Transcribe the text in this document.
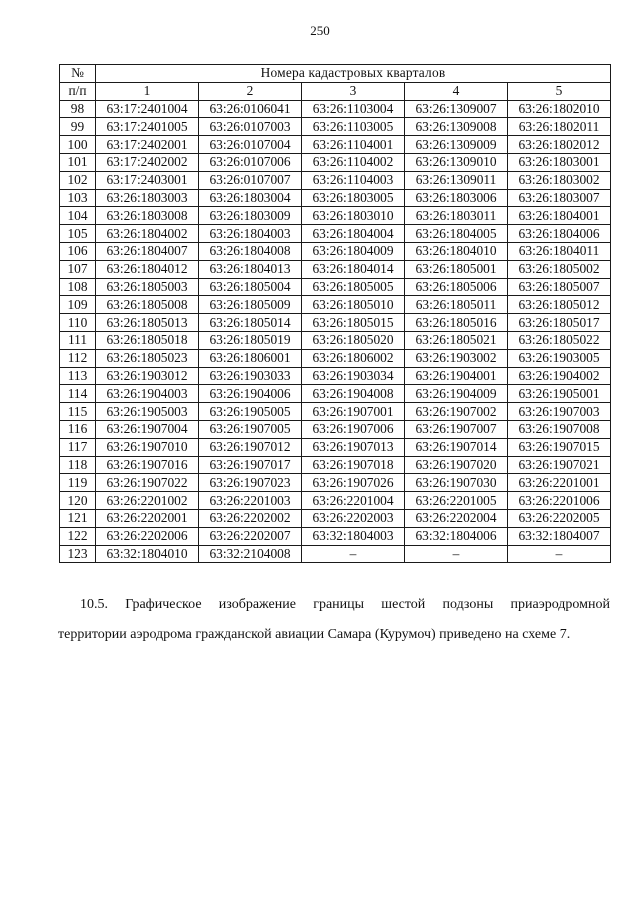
250
№	Номера кадастровых кварталов				
п/п	1	2	3	4	5
98	63:17:2401004	63:26:0106041	63:26:1103004	63:26:1309007	63:26:1802010
99	63:17:2401005	63:26:0107003	63:26:1103005	63:26:1309008	63:26:1802011
100	63:17:2402001	63:26:0107004	63:26:1104001	63:26:1309009	63:26:1802012
101	63:17:2402002	63:26:0107006	63:26:1104002	63:26:1309010	63:26:1803001
102	63:17:2403001	63:26:0107007	63:26:1104003	63:26:1309011	63:26:1803002
103	63:26:1803003	63:26:1803004	63:26:1803005	63:26:1803006	63:26:1803007
104	63:26:1803008	63:26:1803009	63:26:1803010	63:26:1803011	63:26:1804001
105	63:26:1804002	63:26:1804003	63:26:1804004	63:26:1804005	63:26:1804006
106	63:26:1804007	63:26:1804008	63:26:1804009	63:26:1804010	63:26:1804011
107	63:26:1804012	63:26:1804013	63:26:1804014	63:26:1805001	63:26:1805002
108	63:26:1805003	63:26:1805004	63:26:1805005	63:26:1805006	63:26:1805007
109	63:26:1805008	63:26:1805009	63:26:1805010	63:26:1805011	63:26:1805012
110	63:26:1805013	63:26:1805014	63:26:1805015	63:26:1805016	63:26:1805017
111	63:26:1805018	63:26:1805019	63:26:1805020	63:26:1805021	63:26:1805022
112	63:26:1805023	63:26:1806001	63:26:1806002	63:26:1903002	63:26:1903005
113	63:26:1903012	63:26:1903033	63:26:1903034	63:26:1904001	63:26:1904002
114	63:26:1904003	63:26:1904006	63:26:1904008	63:26:1904009	63:26:1905001
115	63:26:1905003	63:26:1905005	63:26:1907001	63:26:1907002	63:26:1907003
116	63:26:1907004	63:26:1907005	63:26:1907006	63:26:1907007	63:26:1907008
117	63:26:1907010	63:26:1907012	63:26:1907013	63:26:1907014	63:26:1907015
118	63:26:1907016	63:26:1907017	63:26:1907018	63:26:1907020	63:26:1907021
119	63:26:1907022	63:26:1907023	63:26:1907026	63:26:1907030	63:26:2201001
120	63:26:2201002	63:26:2201003	63:26:2201004	63:26:2201005	63:26:2201006
121	63:26:2202001	63:26:2202002	63:26:2202003	63:26:2202004	63:26:2202005
122	63:26:2202006	63:26:2202007	63:32:1804003	63:32:1804006	63:32:1804007
123	63:32:1804010	63:32:2104008	–	–	–
10.5. Графическое изображение границы шестой подзоны приаэродромной
территории аэродрома гражданской авиации Самара (Курумоч) приведено на схеме 7.
